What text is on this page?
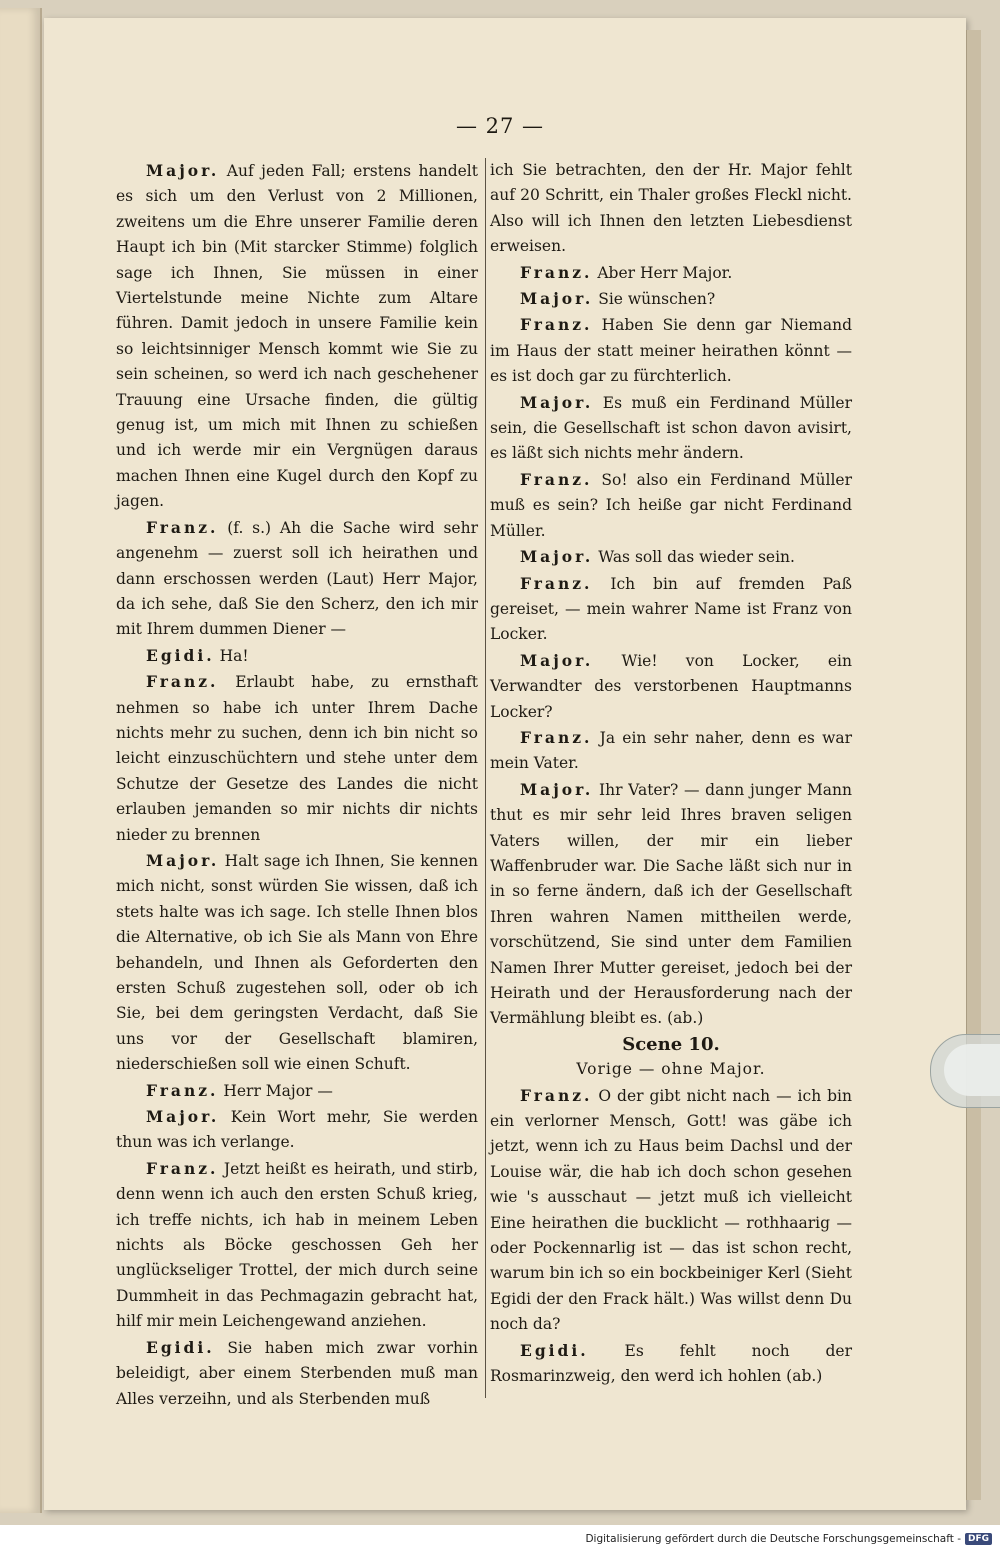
— 27 —

Major. Auf jeden Fall; erstens handelt es sich um den Verlust von 2 Millionen, zweitens um die Ehre unserer Familie deren Haupt ich bin (Mit starcker Stimme) folglich sage ich Ihnen, Sie müssen in einer Viertelstunde meine Nichte zum Altare führen. Damit jedoch in unsere Familie kein so leichtsinniger Mensch kommt wie Sie zu sein scheinen, so werd ich nach geschehener Trauung eine Ursache finden, die gültig genug ist, um mich mit Ihnen zu schießen und ich werde mir ein Vergnügen daraus machen Ihnen eine Kugel durch den Kopf zu jagen.

Franz. (f. s.) Ah die Sache wird sehr angenehm — zuerst soll ich heirathen und dann erschossen werden (Laut) Herr Major, da ich sehe, daß Sie den Scherz, den ich mir mit Ihrem dummen Diener —

Egidi. Ha!

Franz. Erlaubt habe, zu ernsthaft nehmen so habe ich unter Ihrem Dache nichts mehr zu suchen, denn ich bin nicht so leicht einzuschüchtern und stehe unter dem Schutze der Gesetze des Landes die nicht erlauben jemanden so mir nichts dir nichts nieder zu brennen

Major. Halt sage ich Ihnen, Sie kennen mich nicht, sonst würden Sie wissen, daß ich stets halte was ich sage. Ich stelle Ihnen blos die Alternative, ob ich Sie als Mann von Ehre behandeln, und Ihnen als Geforderten den ersten Schuß zugestehen soll, oder ob ich Sie, bei dem geringsten Verdacht, daß Sie uns vor der Gesellschaft blamiren, niederschießen soll wie einen Schuft.

Franz. Herr Major —

Major. Kein Wort mehr, Sie werden thun was ich verlange.

Franz. Jetzt heißt es heirath, und stirb, denn wenn ich auch den ersten Schuß krieg, ich treffe nichts, ich hab in meinem Leben nichts als Böcke geschossen Geh her unglückseliger Trottel, der mich durch seine Dummheit in das Pechmagazin gebracht hat, hilf mir mein Leichengewand anziehen.

Egidi. Sie haben mich zwar vorhin beleidigt, aber einem Sterbenden muß man Alles verzeihn, und als Sterbenden muß

ich Sie betrachten, den der Hr. Major fehlt auf 20 Schritt, ein Thaler großes Fleckl nicht. Also will ich Ihnen den letzten Liebesdienst erweisen.

Franz. Aber Herr Major.

Major. Sie wünschen?

Franz. Haben Sie denn gar Niemand im Haus der statt meiner heirathen könnt — es ist doch gar zu fürchterlich.

Major. Es muß ein Ferdinand Müller sein, die Gesellschaft ist schon davon avisirt, es läßt sich nichts mehr ändern.

Franz. So! also ein Ferdinand Müller muß es sein? Ich heiße gar nicht Ferdinand Müller.

Major. Was soll das wieder sein.

Franz. Ich bin auf fremden Paß gereiset, — mein wahrer Name ist Franz von Locker.

Major. Wie! von Locker, ein Verwandter des verstorbenen Hauptmanns Locker?

Franz. Ja ein sehr naher, denn es war mein Vater.

Major. Ihr Vater? — dann junger Mann thut es mir sehr leid Ihres braven seligen Vaters willen, der mir ein lieber Waffenbruder war. Die Sache läßt sich nur in in so ferne ändern, daß ich der Gesellschaft Ihren wahren Namen mittheilen werde, vorschützend, Sie sind unter dem Familien Namen Ihrer Mutter gereiset, jedoch bei der Heirath und der Herausforderung nach der Vermählung bleibt es. (ab.)

Scene 10.

Vorige — ohne Major.

Franz. O der gibt nicht nach — ich bin ein verlorner Mensch, Gott! was gäbe ich jetzt, wenn ich zu Haus beim Dachsl und der Louise wär, die hab ich doch schon gesehen wie 's ausschaut — jetzt muß ich vielleicht Eine heirathen die bucklicht — rothhaarig — oder Pockennarlig ist — das ist schon recht, warum bin ich so ein bockbeiniger Kerl (Sieht Egidi der den Frack hält.) Was willst denn Du noch da?

Egidi. Es fehlt noch der Rosmarinzweig, den werd ich hohlen (ab.)

Digitalisierung gefördert durch die Deutsche Forschungsgemeinschaft - DFG
